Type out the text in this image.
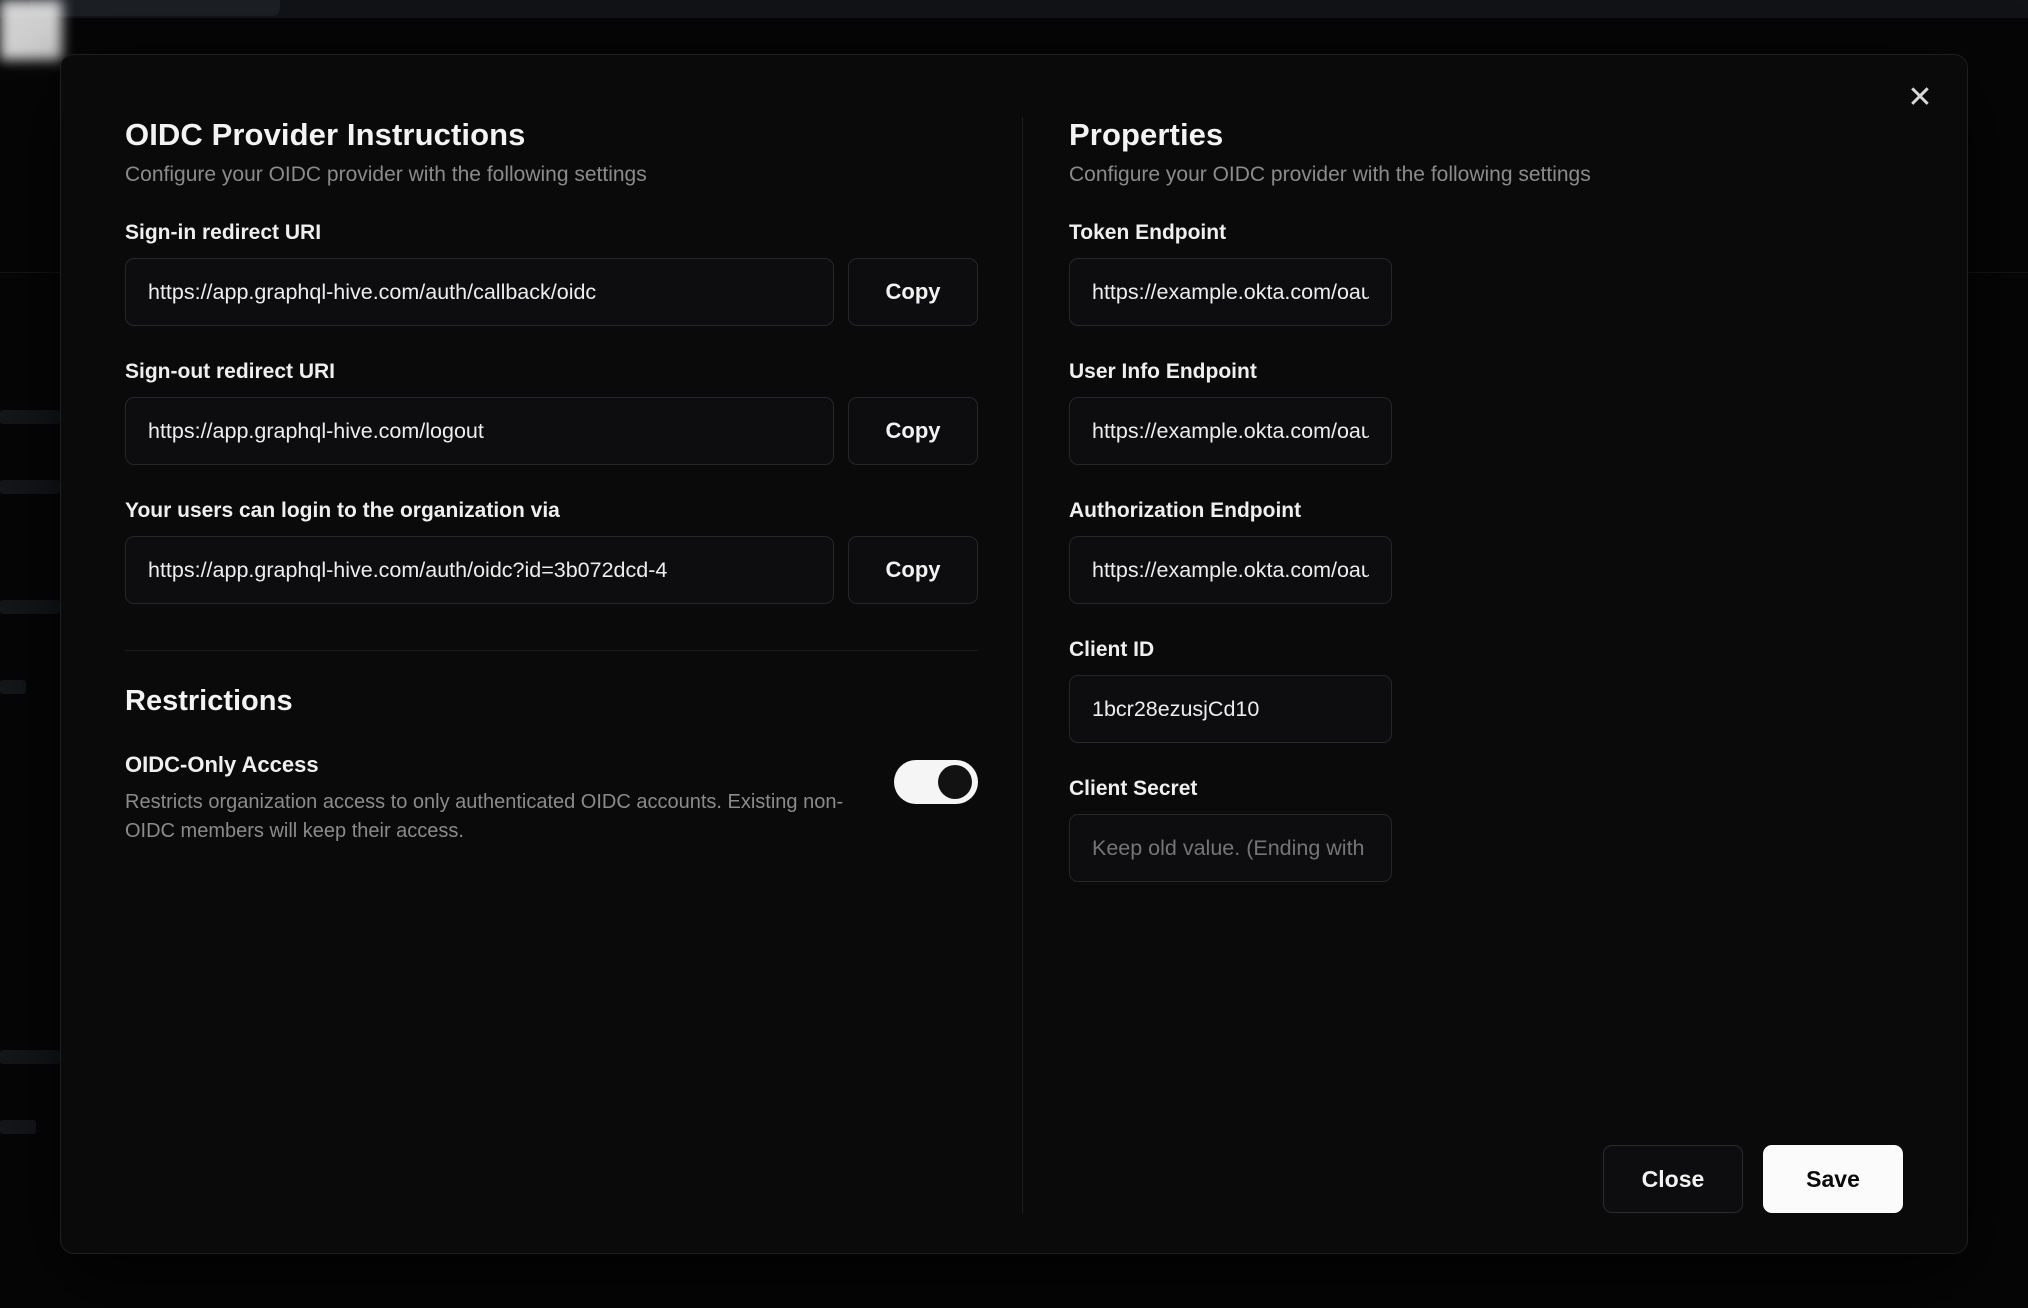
✕
OIDC Provider Instructions

Configure your OIDC provider with the following settings

Sign-in redirect URI
https://app.graphql-hive.com/auth/callback/oidc	Copy
Sign-out redirect URI
https://app.graphql-hive.com/logout	Copy
Your users can login to the organization via
https://app.graphql-hive.com/auth/oidc?id=3b072dcd-4	Copy
Restrictions
OIDC-Only Access
Restricts organization access to only authenticated OIDC accounts. Existing non-OIDC members will keep their access.
Properties

Configure your OIDC provider with the following settings

Token Endpoint
https://example.okta.com/oauth2/v1/token
User Info Endpoint
https://example.okta.com/oauth2/v1/userinfo
Authorization Endpoint
https://example.okta.com/oauth2/v1/authorize
Client ID
1bcr28ezusjCd10
Client Secret
Keep old value. (Ending with FHFn)
Close	Save
